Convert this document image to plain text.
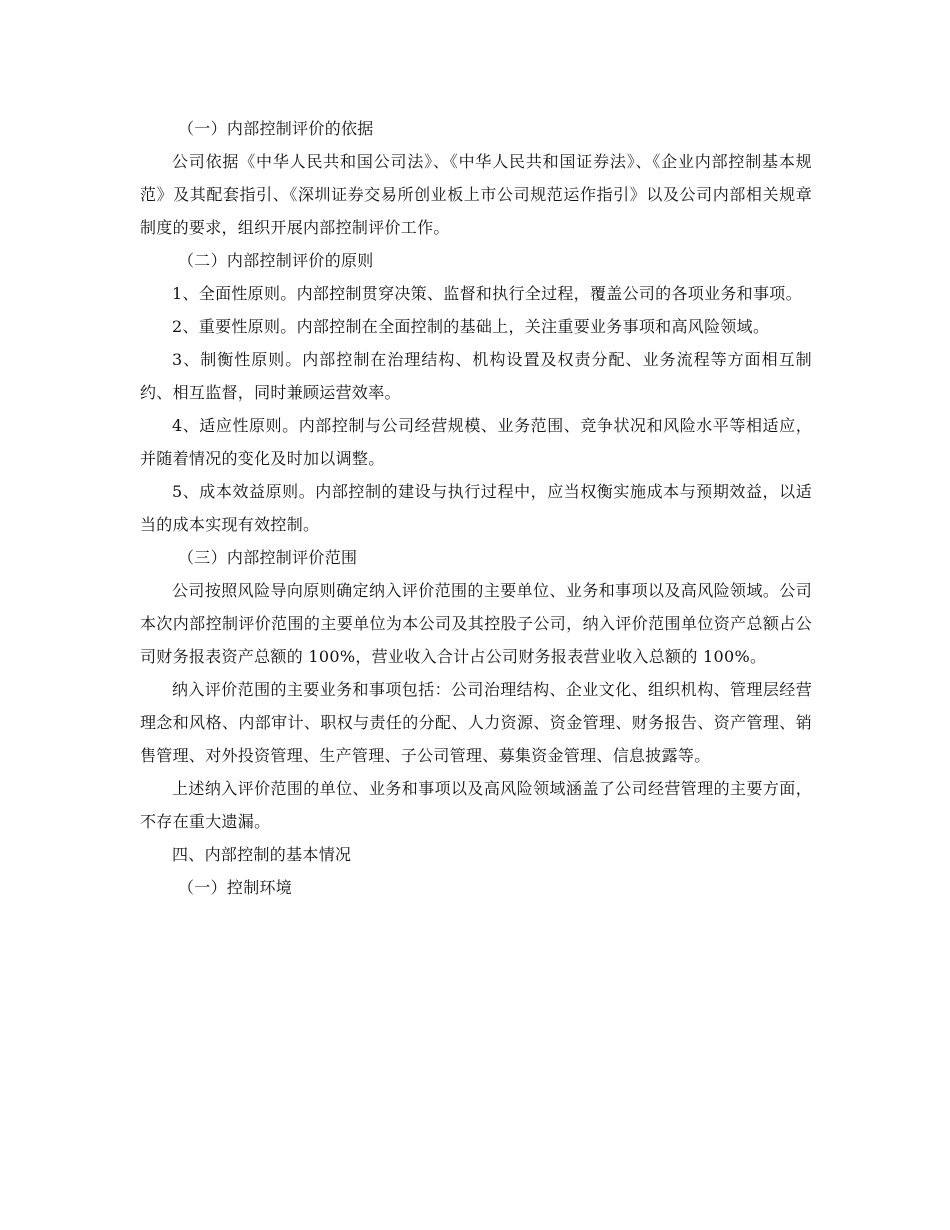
（一）内部控制评价的依据

公司依据《中华人民共和国公司法》、《中华人民共和国证券法》、《企业内部控制基本规范》及其配套指引、《深圳证券交易所创业板上市公司规范运作指引》以及公司内部相关规章制度的要求，组织开展内部控制评价工作。

（二）内部控制评价的原则

1、全面性原则。内部控制贯穿决策、监督和执行全过程，覆盖公司的各项业务和事项。

2、重要性原则。内部控制在全面控制的基础上，关注重要业务事项和高风险领域。

3、制衡性原则。内部控制在治理结构、机构设置及权责分配、业务流程等方面相互制约、相互监督，同时兼顾运营效率。

4、适应性原则。内部控制与公司经营规模、业务范围、竞争状况和风险水平等相适应，并随着情况的变化及时加以调整。

5、成本效益原则。内部控制的建设与执行过程中，应当权衡实施成本与预期效益，以适当的成本实现有效控制。

（三）内部控制评价范围

公司按照风险导向原则确定纳入评价范围的主要单位、业务和事项以及高风险领域。公司本次内部控制评价范围的主要单位为本公司及其控股子公司，纳入评价范围单位资产总额占公司财务报表资产总额的 100%，营业收入合计占公司财务报表营业收入总额的 100%。

纳入评价范围的主要业务和事项包括：公司治理结构、企业文化、组织机构、管理层经营理念和风格、内部审计、职权与责任的分配、人力资源、资金管理、财务报告、资产管理、销售管理、对外投资管理、生产管理、子公司管理、募集资金管理、信息披露等。

上述纳入评价范围的单位、业务和事项以及高风险领域涵盖了公司经营管理的主要方面，不存在重大遗漏。

四、内部控制的基本情况

（一）控制环境
